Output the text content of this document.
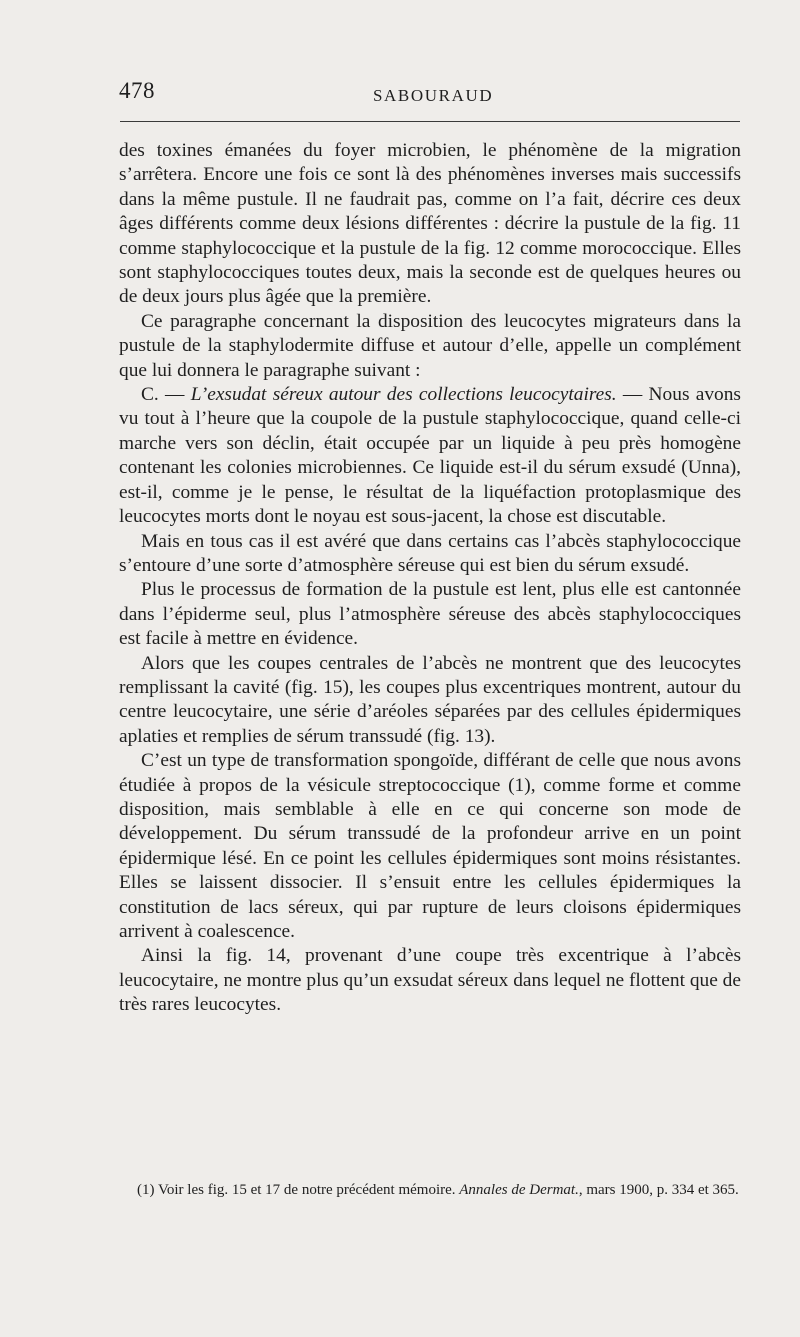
478	SABOURAUD

des toxines émanées du foyer microbien, le phénomène de la migration s’arrêtera. Encore une fois ce sont là des phénomènes inverses mais successifs dans la même pustule. Il ne faudrait pas, comme on l’a fait, décrire ces deux âges différents comme deux lésions différentes : décrire la pustule de la fig. 11 comme staphylococcique et la pustule de la fig. 12 comme morococcique. Elles sont staphylococciques toutes deux, mais la seconde est de quelques heures ou de deux jours plus âgée que la première.

Ce paragraphe concernant la disposition des leucocytes migrateurs dans la pustule de la staphylodermite diffuse et autour d’elle, appelle un complément que lui donnera le paragraphe suivant :

C. — L’exsudat séreux autour des collections leucocytaires. — Nous avons vu tout à l’heure que la coupole de la pustule staphylococcique, quand celle-ci marche vers son déclin, était occupée par un liquide à peu près homogène contenant les colonies microbiennes. Ce liquide est-il du sérum exsudé (Unna), est-il, comme je le pense, le résultat de la liquéfaction protoplasmique des leucocytes morts dont le noyau est sous-jacent, la chose est discutable.

Mais en tous cas il est avéré que dans certains cas l’abcès staphylococcique s’entoure d’une sorte d’atmosphère séreuse qui est bien du sérum exsudé.

Plus le processus de formation de la pustule est lent, plus elle est cantonnée dans l’épiderme seul, plus l’atmosphère séreuse des abcès staphylococciques est facile à mettre en évidence.

Alors que les coupes centrales de l’abcès ne montrent que des leucocytes remplissant la cavité (fig. 15), les coupes plus excentriques montrent, autour du centre leucocytaire, une série d’aréoles séparées par des cellules épidermiques aplaties et remplies de sérum transsudé (fig. 13).

C’est un type de transformation spongoïde, différant de celle que nous avons étudiée à propos de la vésicule streptococcique (1), comme forme et comme disposition, mais semblable à elle en ce qui concerne son mode de développement. Du sérum transsudé de la profondeur arrive en un point épidermique lésé. En ce point les cellules épidermiques sont moins résistantes. Elles se laissent dissocier. Il s’ensuit entre les cellules épidermiques la constitution de lacs séreux, qui par rupture de leurs cloisons épidermiques arrivent à coalescence.

Ainsi la fig. 14, provenant d’une coupe très excentrique à l’abcès leucocytaire, ne montre plus qu’un exsudat séreux dans lequel ne flottent que de très rares leucocytes.

(1) Voir les fig. 15 et 17 de notre précédent mémoire. Annales de Dermat., mars 1900, p. 334 et 365.
